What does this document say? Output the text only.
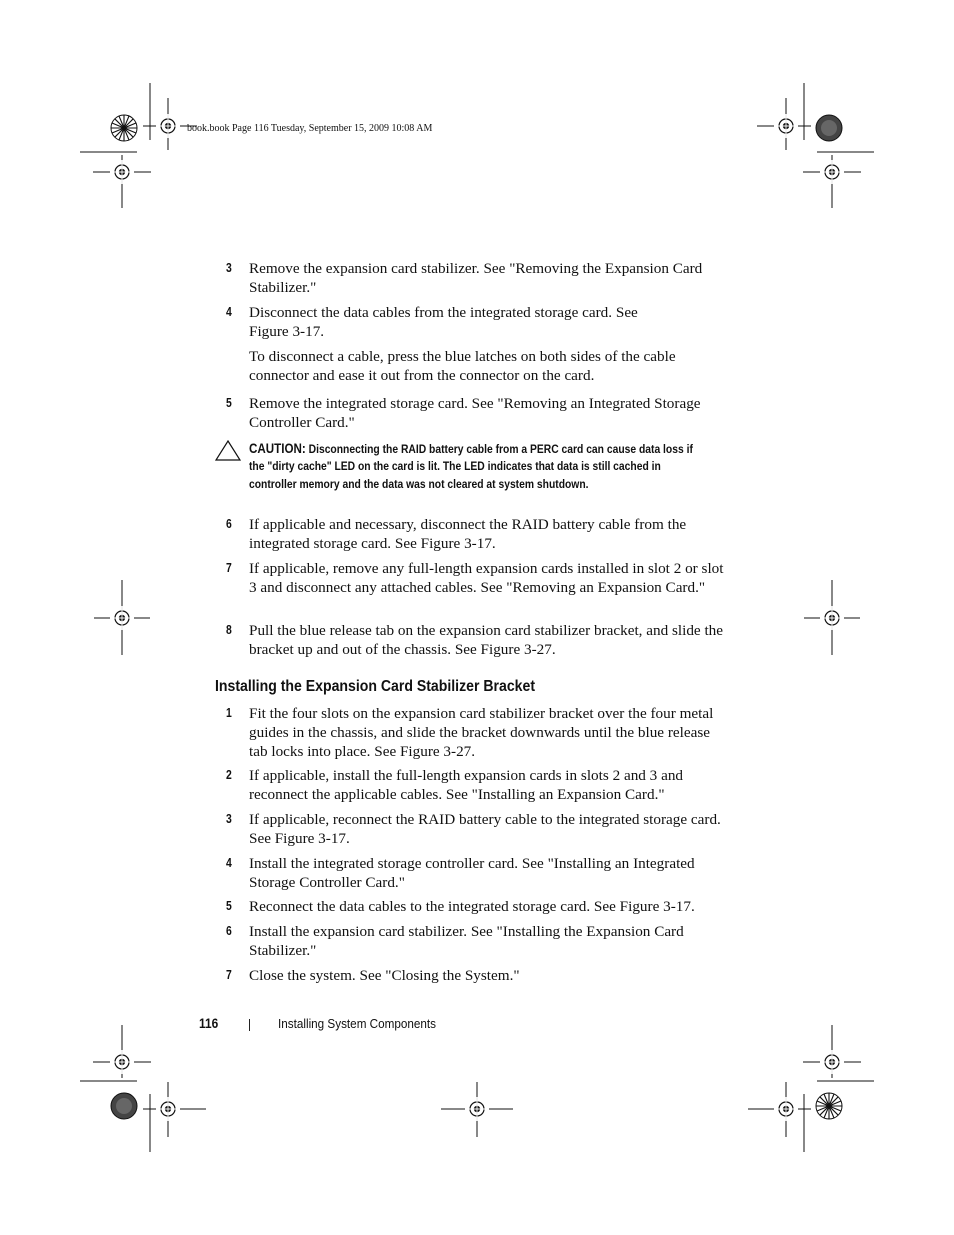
book.book Page 116 Tuesday, September 15, 2009 10:08 AM
3	Remove the expansion card stabilizer. See "Removing the Expansion Card Stabilizer."
4	Disconnect the data cables from the integrated storage card. See Figure 3-17.
To disconnect a cable, press the blue latches on both sides of the cable connector and ease it out from the connector on the card.
5	Remove the integrated storage card. See "Removing an Integrated Storage Controller Card."
CAUTION: Disconnecting the RAID battery cable from a PERC card can cause data loss if the "dirty cache" LED on the card is lit. The LED indicates that data is still cached in controller memory and the data was not cleared at system shutdown.
6	If applicable and necessary, disconnect the RAID battery cable from the integrated storage card. See Figure 3-17.
7	If applicable, remove any full-length expansion cards installed in slot 2 or slot 3 and disconnect any attached cables. See "Removing an Expansion Card."
8	Pull the blue release tab on the expansion card stabilizer bracket, and slide the bracket up and out of the chassis. See Figure 3-27.
Installing the Expansion Card Stabilizer Bracket
1	Fit the four slots on the expansion card stabilizer bracket over the four metal guides in the chassis, and slide the bracket downwards until the blue release tab locks into place. See Figure 3-27.
2	If applicable, install the full-length expansion cards in slots 2 and 3 and reconnect the applicable cables. See "Installing an Expansion Card."
3	If applicable, reconnect the RAID battery cable to the integrated storage card. See Figure 3-17.
4	Install the integrated storage controller card. See "Installing an Integrated Storage Controller Card."
5	Reconnect the data cables to the integrated storage card. See Figure 3-17.
6	Install the expansion card stabilizer. See "Installing the Expansion Card Stabilizer."
7	Close the system. See "Closing the System."
116	Installing System Components
